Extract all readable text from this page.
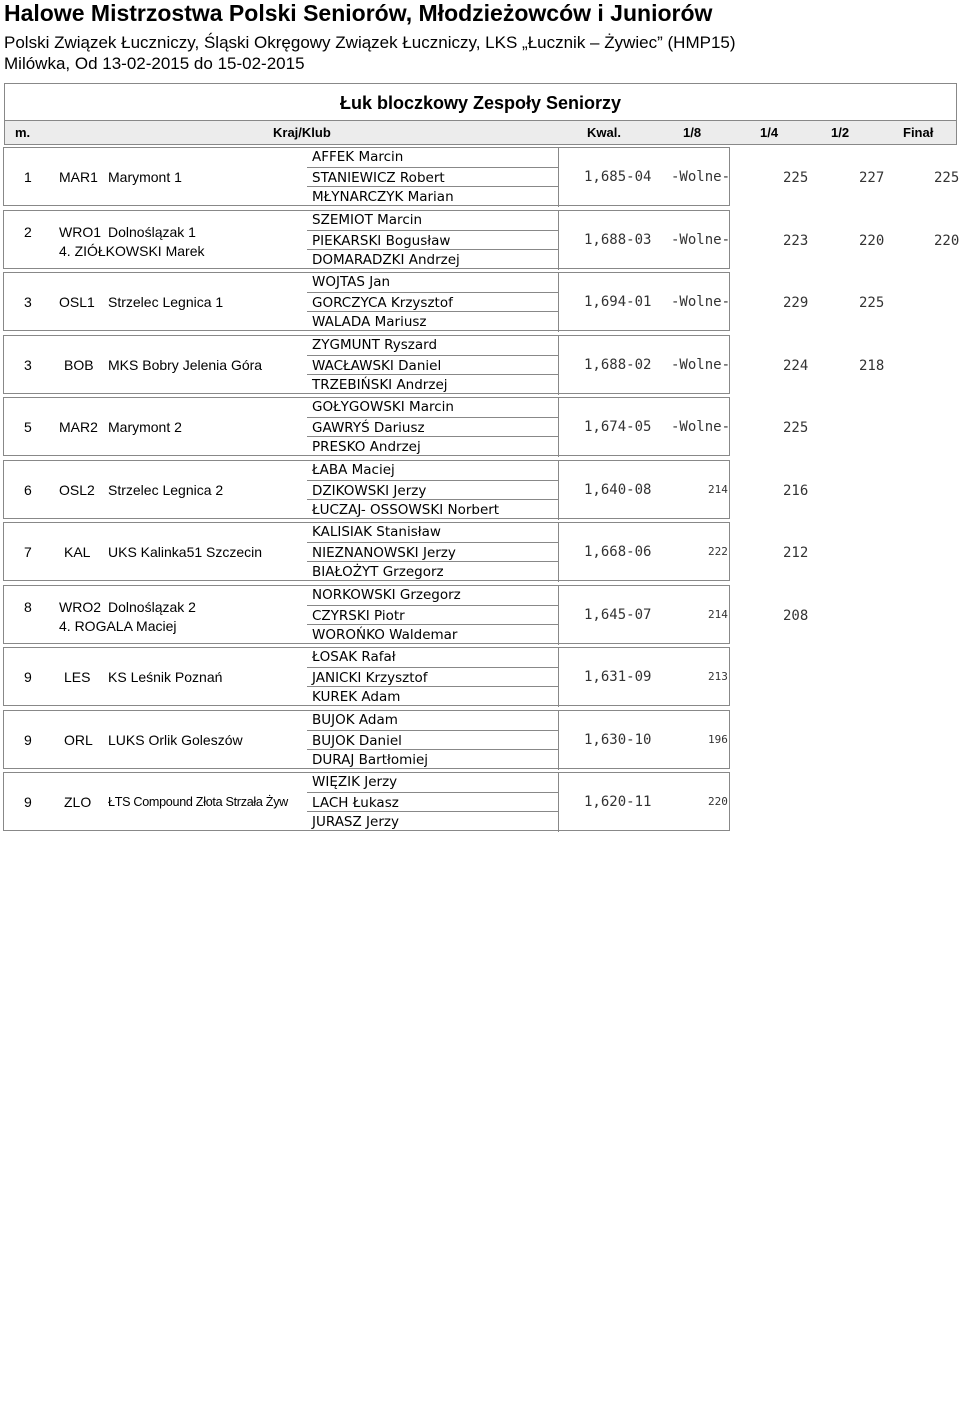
Halowe Mistrzostwa Polski Seniorów, Młodzieżowców i Juniorów
Polski Związek Łuczniczy, Śląski Okręgowy Związek Łuczniczy, LKS „Łucznik – Żywiec” (HMP15)
Milówka, Od 13-02-2015 do 15-02-2015
Łuk bloczkowy Zespoły Seniorzy
m.	Kraj/Klub	Kwal.	1/8	1/4	1/2	Finał
1 MAR1 Marymont 1
AFFEK Marcin
STANIEWICZ Robert
MŁYNARCZYK Marian
1,685-04 -Wolne-	225	227	225
2 WRO1 Dolnoślązak 1
4. ZIÓŁKOWSKI Marek
SZEMIOT Marcin
PIEKARSKI Bogusław
DOMARADZKI Andrzej
1,688-03 -Wolne-	223	220	220
3 OSL1 Strzelec Legnica 1
WOJTAS Jan
GORCZYCA Krzysztof
WALADA Mariusz
1,694-01 -Wolne-	229	225
3 BOB MKS Bobry Jelenia Góra
ZYGMUNT Ryszard
WACŁAWSKI Daniel
TRZEBIŃSKI Andrzej
1,688-02 -Wolne-	224	218
5 MAR2 Marymont 2
GOŁYGOWSKI Marcin
GAWRYŚ Dariusz
PRESKO Andrzej
1,674-05 -Wolne-	225
6 OSL2 Strzelec Legnica 2
ŁABA Maciej
DZIKOWSKI Jerzy
ŁUCZAJ- OSSOWSKI Norbert
1,640-08	214	216
7 KAL UKS Kalinka51 Szczecin
KALISIAK Stanisław
NIEZNANOWSKI Jerzy
BIAŁOŻYT Grzegorz
1,668-06	222	212
8 WRO2 Dolnoślązak 2
4. ROGALA Maciej
NORKOWSKI Grzegorz
CZYRSKI Piotr
WOROŃKO Waldemar
1,645-07	214	208
9 LES KS Leśnik Poznań
ŁOSAK Rafał
JANICKI Krzysztof
KUREK Adam
1,631-09	213
9 ORL LUKS Orlik Goleszów
BUJOK Adam
BUJOK Daniel
DURAJ Bartłomiej
1,630-10	196
9 ZLO ŁTS Compound Złota Strzała Żyw
WIĘZIK Jerzy
LACH Łukasz
JURASZ Jerzy
1,620-11	220
